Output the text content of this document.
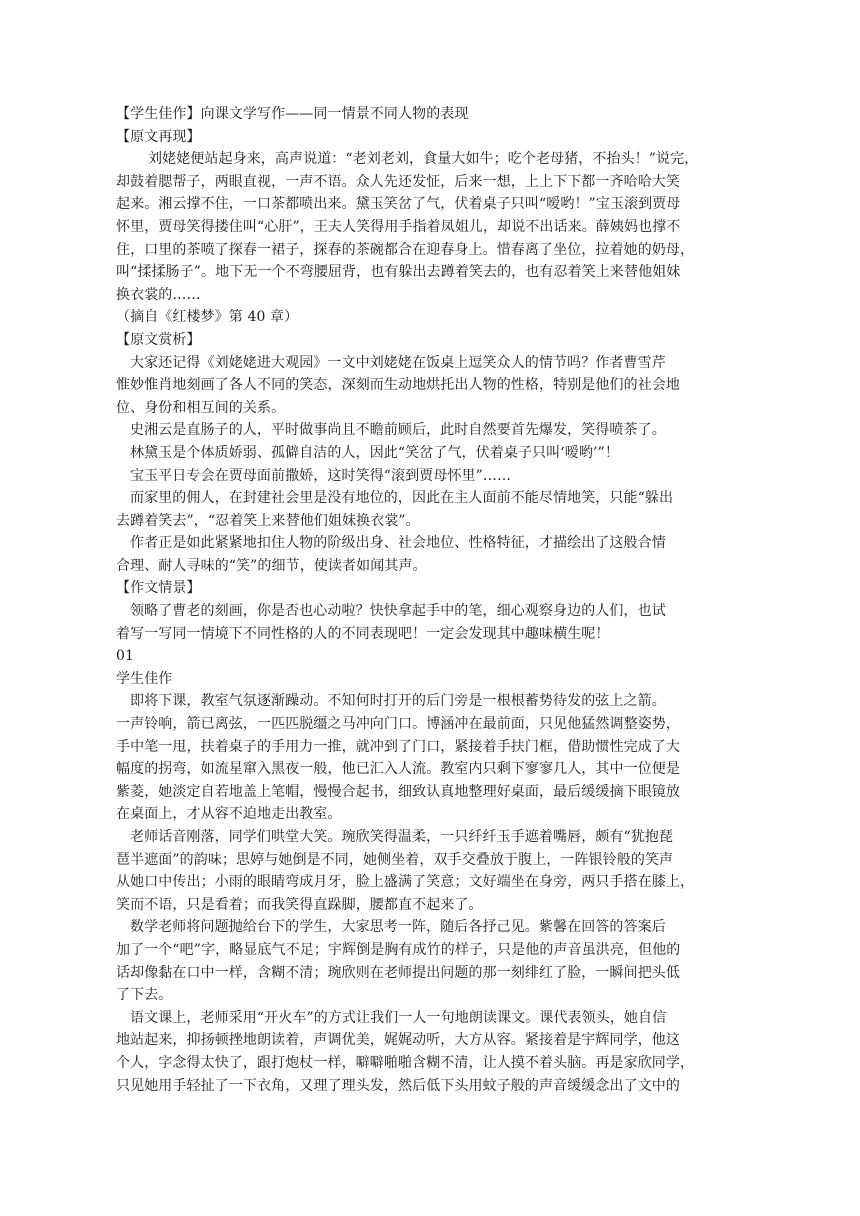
【学生佳作】向课文学写作——同一情景不同人物的表现
【原文再现】
刘姥姥便站起身来，高声说道：“老刘老刘，食量大如牛；吃个老母猪，不抬头！”说完，
却鼓着腮帮子，两眼直视，一声不语。众人先还发怔，后来一想，上上下下都一齐哈哈大笑
起来。湘云撑不住，一口茶都喷出来。黛玉笑岔了气，伏着桌子只叫“嗳哟！”宝玉滚到贾母
怀里，贾母笑得搂住叫“心肝”，王夫人笑得用手指着凤姐儿，却说不出话来。薛姨妈也撑不
住，口里的茶喷了探春一裙子，探春的茶碗都合在迎春身上。惜春离了坐位，拉着她的奶母，
叫“揉揉肠子”。地下无一个不弯腰屈背，也有躲出去蹲着笑去的，也有忍着笑上来替他姐妹
换衣裳的……
（摘自《红楼梦》第 40 章）
【原文赏析】
大家还记得《刘姥姥进大观园》一文中刘姥姥在饭桌上逗笑众人的情节吗？作者曹雪芹
惟妙惟肖地刻画了各人不同的笑态，深刻而生动地烘托出人物的性格，特别是他们的社会地
位、身份和相互间的关系。
史湘云是直肠子的人，平时做事尚且不瞻前顾后，此时自然要首先爆发，笑得喷茶了。
林黛玉是个体质娇弱、孤僻自洁的人，因此“笑岔了气，伏着桌子只叫‘嗳哟’”！
宝玉平日专会在贾母面前撒娇，这时笑得“滚到贾母怀里”……
而家里的佣人，在封建社会里是没有地位的，因此在主人面前不能尽情地笑，只能“躲出
去蹲着笑去”，“忍着笑上来替他们姐妹换衣裳”。
作者正是如此紧紧地扣住人物的阶级出身、社会地位、性格特征，才描绘出了这般合情
合理、耐人寻味的“笑”的细节，使读者如闻其声。
【作文情景】
领略了曹老的刻画，你是否也心动啦？快快拿起手中的笔，细心观察身边的人们，也试
着写一写同一情境下不同性格的人的不同表现吧！一定会发现其中趣味横生呢！
01
学生佳作
即将下课，教室气氛逐渐躁动。不知何时打开的后门旁是一根根蓄势待发的弦上之箭。
一声铃响，箭已离弦，一匹匹脱缰之马冲向门口。博涵冲在最前面，只见他猛然调整姿势，
手中笔一甩，扶着桌子的手用力一推，就冲到了门口，紧接着手扶门框，借助惯性完成了大
幅度的拐弯，如流星窜入黑夜一般，他已汇入人流。教室内只剩下寥寥几人，其中一位便是
紫菱，她淡定自若地盖上笔帽，慢慢合起书，细致认真地整理好桌面，最后缓缓摘下眼镜放
在桌面上，才从容不迫地走出教室。
老师话音刚落，同学们哄堂大笑。琬欣笑得温柔，一只纤纤玉手遮着嘴唇，颇有“犹抱琵
琶半遮面”的韵味；思婷与她倒是不同，她侧坐着，双手交叠放于腹上，一阵银铃般的笑声
从她口中传出；小雨的眼睛弯成月牙，脸上盛满了笑意；文好端坐在身旁，两只手搭在膝上，
笑而不语，只是看着；而我笑得直跺脚，腰都直不起来了。
数学老师将问题抛给台下的学生，大家思考一阵，随后各抒己见。紫馨在回答的答案后
加了一个“吧”字，略显底气不足；宇辉倒是胸有成竹的样子，只是他的声音虽洪亮，但他的
话却像黏在口中一样，含糊不清；琬欣则在老师提出问题的那一刻绯红了脸，一瞬间把头低
了下去。
语文课上，老师采用“开火车”的方式让我们一人一句地朗读课文。课代表领头，她自信
地站起来，抑扬顿挫地朗读着，声调优美，娓娓动听，大方从容。紧接着是宇辉同学，他这
个人，字念得太快了，跟打炮杖一样，噼噼啪啪含糊不清，让人摸不着头脑。再是家欣同学，
只见她用手轻扯了一下衣角，又理了理头发，然后低下头用蚊子般的声音缓缓念出了文中的
